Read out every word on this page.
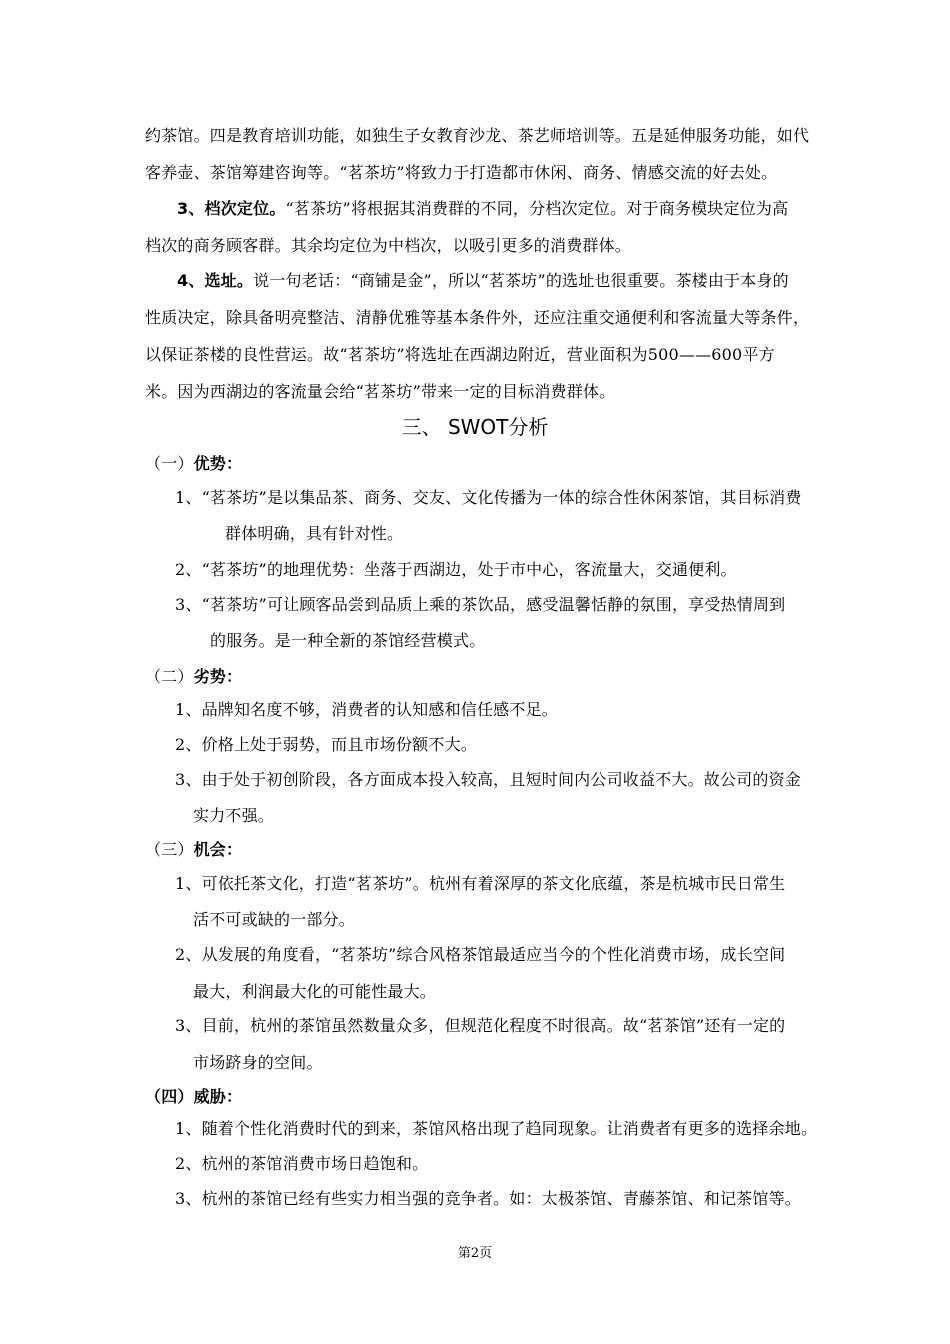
约茶馆。四是教育培训功能，如独生子女教育沙龙、茶艺师培训等。五是延伸服务功能，如代
客养壶、茶馆筹建咨询等。“茗茶坊”将致力于打造都市休闲、商务、情感交流的好去处。
3、档次定位。“茗茶坊”将根据其消费群的不同，分档次定位。对于商务模块定位为高
档次的商务顾客群。其余均定位为中档次，以吸引更多的消费群体。
4、选址。说一句老话：“商铺是金”，所以“茗茶坊”的选址也很重要。茶楼由于本身的
性质决定，除具备明亮整洁、清静优雅等基本条件外，还应注重交通便利和客流量大等条件，
以保证茶楼的良性营运。故“茗茶坊”将选址在西湖边附近，营业面积为500——600平方
米。因为西湖边的客流量会给“茗茶坊”带来一定的目标消费群体。
三、 SWOT分析
（一）优势：
1、“茗茶坊”是以集品茶、商务、交友、文化传播为一体的综合性休闲茶馆，其目标消费
群体明确，具有针对性。
2、“茗茶坊”的地理优势：坐落于西湖边，处于市中心，客流量大，交通便利。
3、“茗茶坊”可让顾客品尝到品质上乘的茶饮品，感受温馨恬静的氛围，享受热情周到
的服务。是一种全新的茶馆经营模式。
（二）劣势：
1、品牌知名度不够，消费者的认知感和信任感不足。
2、价格上处于弱势，而且市场份额不大。
3、由于处于初创阶段，各方面成本投入较高，且短时间内公司收益不大。故公司的资金
实力不强。
（三）机会：
1、可依托茶文化，打造“茗茶坊”。杭州有着深厚的茶文化底蕴，茶是杭城市民日常生
活不可或缺的一部分。
2、从发展的角度看，“茗茶坊”综合风格茶馆最适应当今的个性化消费市场，成长空间
最大，利润最大化的可能性最大。
3、目前，杭州的茶馆虽然数量众多，但规范化程度不时很高。故“茗茶馆”还有一定的
市场跻身的空间。
（四）威胁：
1、随着个性化消费时代的到来，茶馆风格出现了趋同现象。让消费者有更多的选择余地。
2、杭州的茶馆消费市场日趋饱和。
3、杭州的茶馆已经有些实力相当强的竞争者。如：太极茶馆、青藤茶馆、和记茶馆等。
第2页
